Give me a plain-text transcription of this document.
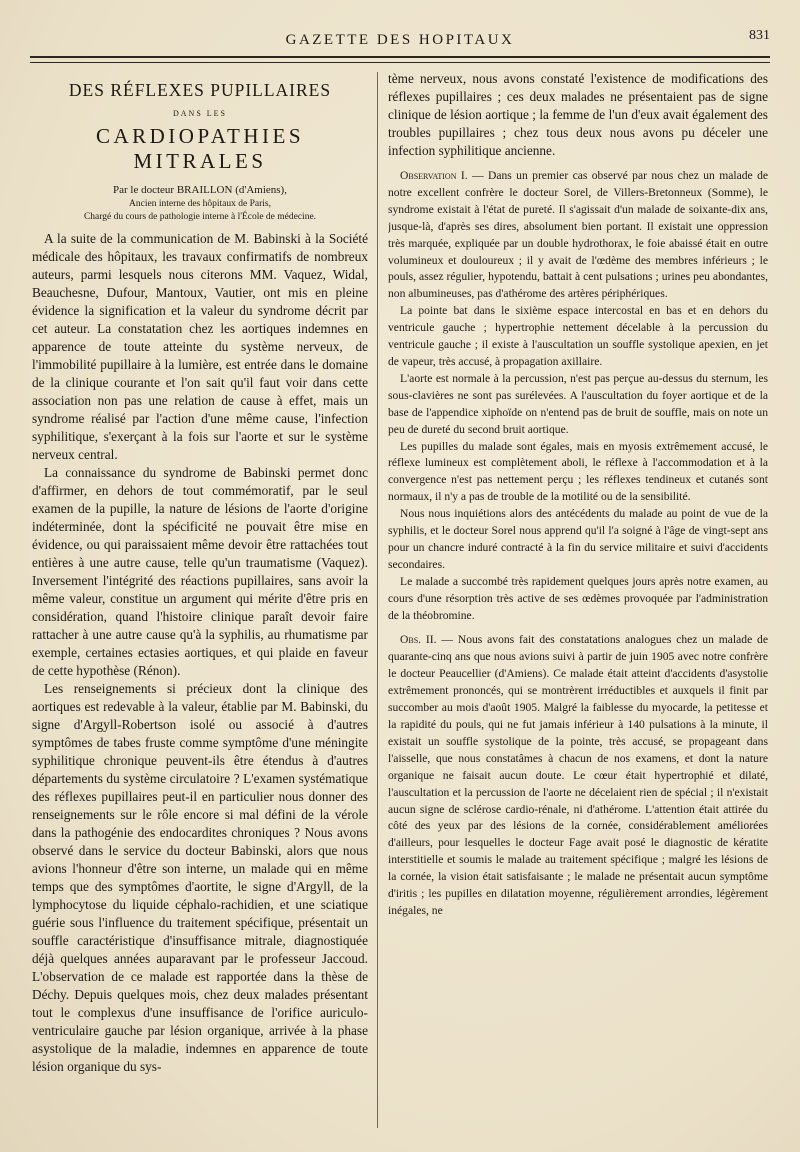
GAZETTE DES HOPITAUX	831
DES RÉFLEXES PUPILLAIRES
DANS LES
CARDIOPATHIES MITRALES
Par le docteur BRAILLON (d'Amiens),
Ancien interne des hôpitaux de Paris,
Chargé du cours de pathologie interne à l'École de médecine.

A la suite de la communication de M. Babinski à la Société médicale des hôpitaux, les travaux confirmatifs de nombreux auteurs, parmi lesquels nous citerons MM. Vaquez, Widal, Beauchesne, Dufour, Mantoux, Vautier, ont mis en pleine évidence la signification et la valeur du syndrome décrit par cet auteur. La constatation chez les aortiques indemnes en apparence de toute atteinte du système nerveux, de l'immobilité pupillaire à la lumière, est entrée dans le domaine de la clinique courante et l'on sait qu'il faut voir dans cette association non pas une relation de cause à effet, mais un syndrome réalisé par l'action d'une même cause, l'infection syphilitique, s'exerçant à la fois sur l'aorte et sur le système nerveux central.

La connaissance du syndrome de Babinski permet donc d'affirmer, en dehors de tout commémoratif, par le seul examen de la pupille, la nature de lésions de l'aorte d'origine indéterminée, dont la spécificité ne pouvait être mise en évidence, ou qui paraissaient même devoir être rattachées tout entières à une autre cause, telle qu'un traumatisme (Vaquez). Inversement l'intégrité des réactions pupillaires, sans avoir la même valeur, constitue un argument qui mérite d'être pris en considération, quand l'histoire clinique paraît devoir faire rattacher à une autre cause qu'à la syphilis, au rhumatisme par exemple, certaines ectasies aortiques, et qui plaide en faveur de cette hypothèse (Rénon).

Les renseignements si précieux dont la clinique des aortiques est redevable à la valeur, établie par M. Babinski, du signe d'Argyll-Robertson isolé ou associé à d'autres symptômes de tabes fruste comme symptôme d'une méningite syphilitique chronique peuvent-ils être étendus à d'autres départements du système circulatoire ? L'examen systématique des réflexes pupillaires peut-il en particulier nous donner des renseignements sur le rôle encore si mal défini de la vérole dans la pathogénie des endocardites chroniques ? Nous avons observé dans le service du docteur Babinski, alors que nous avions l'honneur d'être son interne, un malade qui en même temps que des symptômes d'aortite, le signe d'Argyll, de la lymphocytose du liquide céphalo-rachidien, et une sciatique guérie sous l'influence du traitement spécifique, présentait un souffle caractéristique d'insuffisance mitrale, diagnostiquée déjà quelques années auparavant par le professeur Jaccoud. L'observation de ce malade est rapportée dans la thèse de Déchy. Depuis quelques mois, chez deux malades présentant tout le complexus d'une insuffisance de l'orifice auriculo-ventriculaire gauche par lésion organique, arrivée à la phase asystolique de la maladie, indemnes en apparence de toute lésion organique du sys-

tème nerveux, nous avons constaté l'existence de modifications des réflexes pupillaires ; ces deux malades ne présentaient pas de signe clinique de lésion aortique ; la femme de l'un d'eux avait également des troubles pupillaires ; chez tous deux nous avons pu déceler une infection syphilitique ancienne.

Observation I. — Dans un premier cas observé par nous chez un malade de notre excellent confrère le docteur Sorel, de Villers-Bretonneux (Somme), le syndrome existait à l'état de pureté. Il s'agissait d'un malade de soixante-dix ans, jusque-là, d'après ses dires, absolument bien portant. Il existait une oppression très marquée, expliquée par un double hydrothorax, le foie abaissé était en outre volumineux et douloureux ; il y avait de l'œdème des membres inférieurs ; le pouls, assez régulier, hypotendu, battait à cent pulsations ; urines peu abondantes, non albumineuses, pas d'athérome des artères périphériques.

La pointe bat dans le sixième espace intercostal en bas et en dehors du ventricule gauche ; hypertrophie nettement décelable à la percussion du ventricule gauche ; il existe à l'auscultation un souffle systolique apexien, en jet de vapeur, très accusé, à propagation axillaire.

L'aorte est normale à la percussion, n'est pas perçue au-dessus du sternum, les sous-clavières ne sont pas surélevées. A l'auscultation du foyer aortique et de la base de l'appendice xiphoïde on n'entend pas de bruit de souffle, mais on note un peu de dureté du second bruit aortique.

Les pupilles du malade sont égales, mais en myosis extrêmement accusé, le réflexe lumineux est complètement aboli, le réflexe à l'accommodation et à la convergence n'est pas nettement perçu ; les réflexes tendineux et cutanés sont normaux, il n'y a pas de trouble de la motilité ou de la sensibilité.

Nous nous inquiétions alors des antécédents du malade au point de vue de la syphilis, et le docteur Sorel nous apprend qu'il l'a soigné à l'âge de vingt-sept ans pour un chancre induré contracté à la fin du service militaire et suivi d'accidents secondaires.

Le malade a succombé très rapidement quelques jours après notre examen, au cours d'une résorption très active de ses œdèmes provoquée par l'administration de la théobromine.

Obs. II. — Nous avons fait des constatations analogues chez un malade de quarante-cinq ans que nous avions suivi à partir de juin 1905 avec notre confrère le docteur Peaucellier (d'Amiens). Ce malade était atteint d'accidents d'asystolie extrêmement prononcés, qui se montrèrent irréductibles et auxquels il finit par succomber au mois d'août 1905. Malgré la faiblesse du myocarde, la petitesse et la rapidité du pouls, qui ne fut jamais inférieur à 140 pulsations à la minute, il existait un souffle systolique de la pointe, très accusé, se propageant dans l'aisselle, que nous constatâmes à chacun de nos examens, et dont la nature organique ne faisait aucun doute. Le cœur était hypertrophié et dilaté, l'auscultation et la percussion de l'aorte ne décelaient rien de spécial ; il n'existait aucun signe de sclérose cardio-rénale, ni d'athérome. L'attention était attirée du côté des yeux par des lésions de la cornée, considérablement améliorées d'ailleurs, pour lesquelles le docteur Fage avait posé le diagnostic de kératite interstitielle et soumis le malade au traitement spécifique ; malgré les lésions de la cornée, la vision était satisfaisante ; le malade ne présentait aucun symptôme d'iritis ; les pupilles en dilatation moyenne, régulièrement arrondies, légèrement inégales, ne
